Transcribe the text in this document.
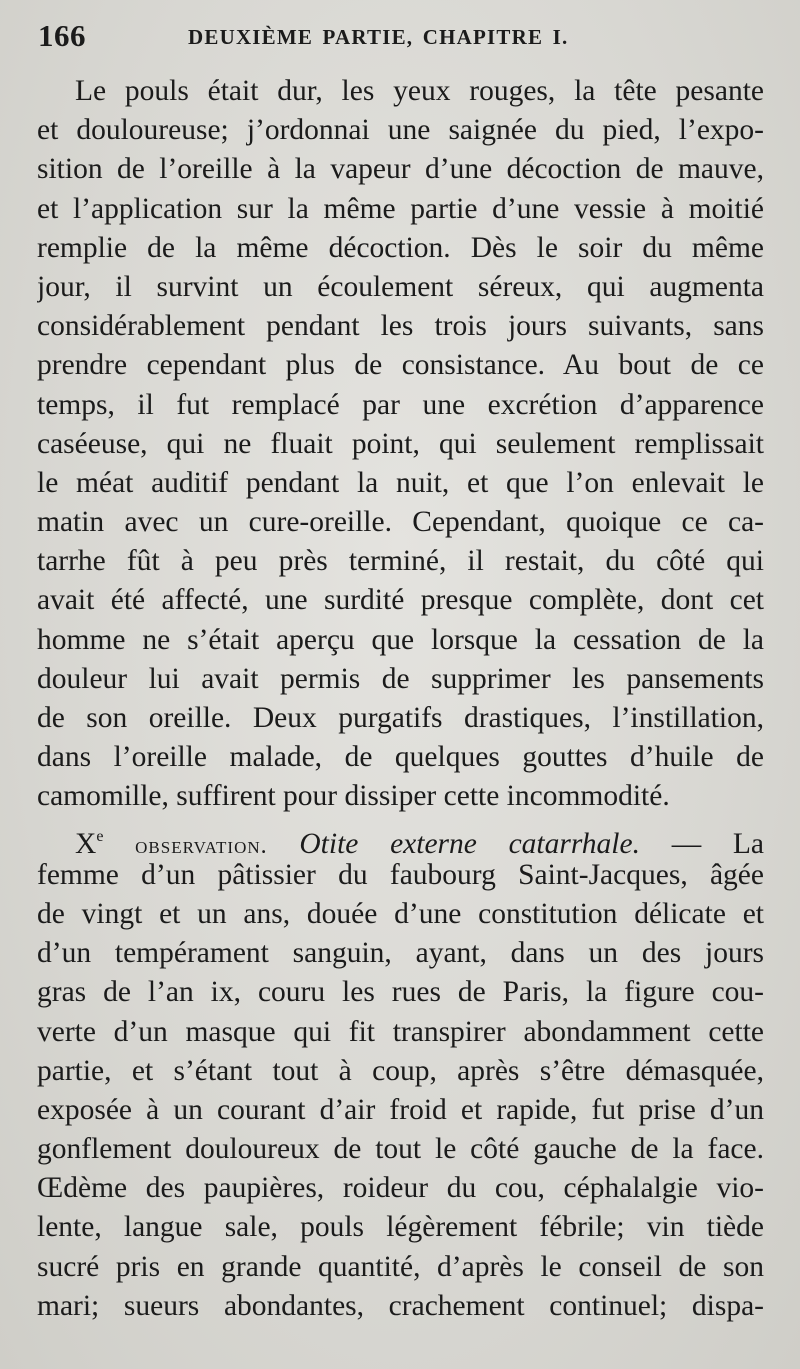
166	DEUXIÈME PARTIE, CHAPITRE I.
Le pouls était dur, les yeux rouges, la tête pesante
et douloureuse; j’ordonnai une saignée du pied, l’expo-
sition de l’oreille à la vapeur d’une décoction de mauve,
et l’application sur la même partie d’une vessie à moitié
remplie de la même décoction. Dès le soir du même
jour, il survint un écoulement séreux, qui augmenta
considérablement pendant les trois jours suivants, sans
prendre cependant plus de consistance. Au bout de ce
temps, il fut remplacé par une excrétion d’apparence
caséeuse, qui ne fluait point, qui seulement remplissait
le méat auditif pendant la nuit, et que l’on enlevait le
matin avec un cure-oreille. Cependant, quoique ce ca-
tarrhe fût à peu près terminé, il restait, du côté qui
avait été affecté, une surdité presque complète, dont cet
homme ne s’était aperçu que lorsque la cessation de la
douleur lui avait permis de supprimer les pansements
de son oreille. Deux purgatifs drastiques, l’instillation,
dans l’oreille malade, de quelques gouttes d’huile de
camomille, suffirent pour dissiper cette incommodité.
Xe observation. Otite externe catarrhale. — La
femme d’un pâtissier du faubourg Saint-Jacques, âgée
de vingt et un ans, douée d’une constitution délicate et
d’un tempérament sanguin, ayant, dans un des jours
gras de l’an ix, couru les rues de Paris, la figure cou-
verte d’un masque qui fit transpirer abondamment cette
partie, et s’étant tout à coup, après s’être démasquée,
exposée à un courant d’air froid et rapide, fut prise d’un
gonflement douloureux de tout le côté gauche de la face.
Œdème des paupières, roideur du cou, céphalalgie vio-
lente, langue sale, pouls légèrement fébrile; vin tiède
sucré pris en grande quantité, d’après le conseil de son
mari; sueurs abondantes, crachement continuel; dispa-
